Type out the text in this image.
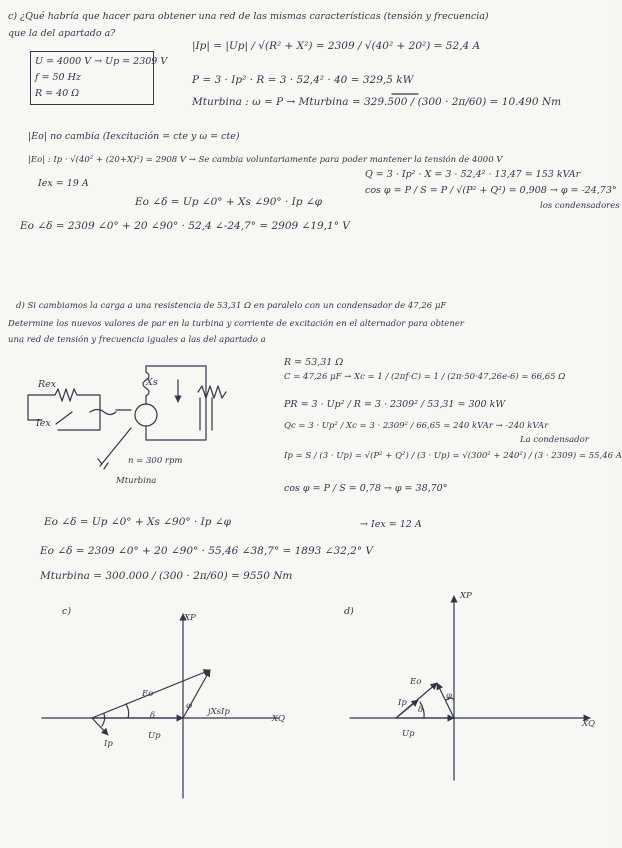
c) ¿Qué habría que hacer para obtener una red de las mismas características (tensión y frecuencia)
que la del apartado a?
U = 4000 V → Up = 2309 V
f = 50 Hz
R = 40 Ω
|Ip| = |Up| / √(R² + X²) = 2309 / √(40² + 20²) = 52,4 A
P = 3 · Ip² · R = 3 · 52,4² · 40 = 329,5 kW
Mturbina : ω = P → Mturbina = 329.500 / (300 · 2π/60) = 10.490 Nm
|Eo| no cambia (Iexcitación = cte y ω = cte)
|Eo| : Ip · √(40² + (20+X)²) = 2908 V → Se cambia voluntariamente para poder mantener la tensión de 4000 V
Q = 3 · Ip² · X = 3 · 52,4² · 13,47 = 153 kVAr
cos φ = P / S = P / √(P² + Q²) = 0,908 → φ = -24,73°
los condensadores
Iex = 19 A
Eo ∠δ = Up ∠0° + Xs ∠90° · Ip ∠φ
Eo ∠δ = 2309 ∠0° + 20 ∠90° · 52,4 ∠-24,7° = 2909 ∠19,1° V
d) Si cambiamos la carga a una resistencia de 53,31 Ω en paralelo con un condensador de 47,26 μF
Determine los nuevos valores de par en la turbina y corriente de excitación en el alternador para obtener
una red de tensión y frecuencia iguales a las del apartado a
R = 53,31 Ω
C = 47,26 μF → Xc = 1 / (2πf·C) = 1 / (2π·50·47,26e-6) = 66,65 Ω
PR = 3 · Up² / R = 3 · 2309² / 53,31 = 300 kW
Qc = 3 · Up² / Xc = 3 · 2309² / 66,65 = 240 kVAr → -240 kVAr
La condensador
Ip = S / (3 · Up) = √(P² + Q²) / (3 · Up) = √(300² + 240²) / (3 · 2309) = 55,46 A
cos φ = P / S = 0,78 → φ = 38,70°
Rex
Iex
Xs
n = 300 rpm
Mturbina
Eo ∠δ = Up ∠0° + Xs ∠90° · Ip ∠φ	→ Iex = 12 A
Eo ∠δ = 2309 ∠0° + 20 ∠90° · 55,46 ∠38,7° = 1893 ∠32,2° V
Mturbina = 300.000 / (300 · 2π/60) = 9550 Nm
c)
XP
XQ
Eo
Up
Ip
jXsIp
δ
φ
d)
XP
XQ
Eo
Up
Ip
δ
φ
